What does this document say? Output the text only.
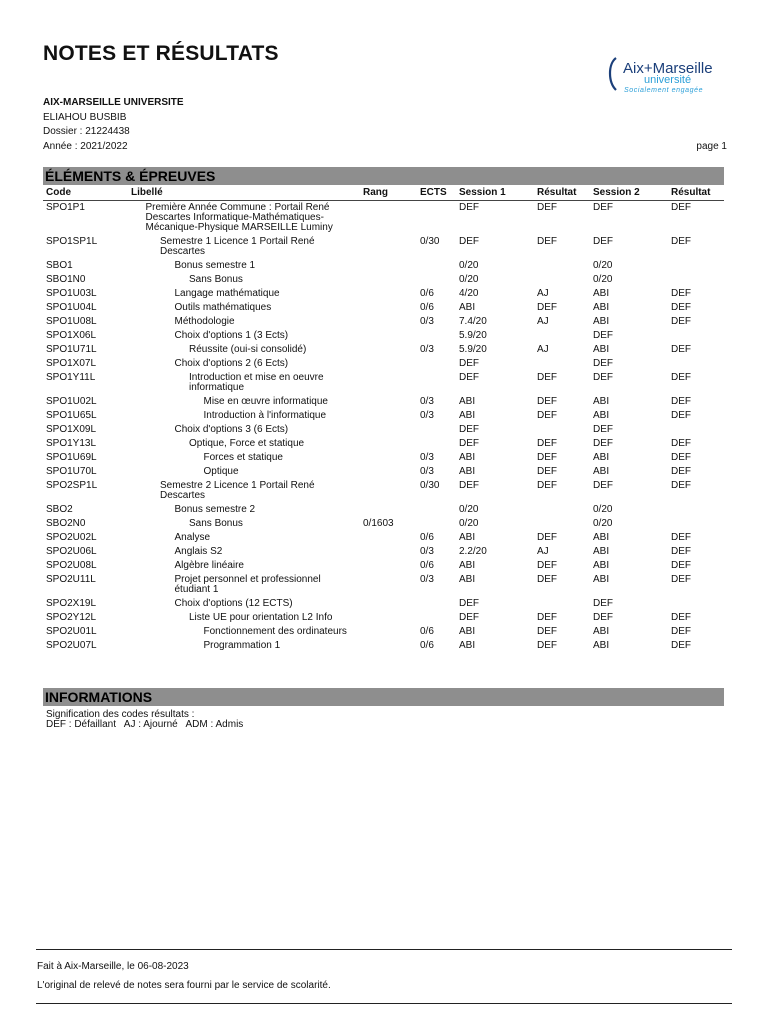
NOTES ET RÉSULTATS
Aix+Marseille
université
Socialement engagée
AIX-MARSEILLE UNIVERSITE
ELIAHOU BUSBIB
Dossier : 21224438
Année : 2021/2022	page 1
ÉLÉMENTS & ÉPREUVES
Code	Libellé	Rang	ECTS	Session 1	Résultat	Session 2	Résultat
SPO1P1	Première Année Commune : Portail René Descartes Informatique-Mathématiques-Mécanique-Physique MARSEILLE Luminy			DEF	DEF	DEF	DEF
SPO1SP1L	Semestre 1 Licence 1 Portail René Descartes		0/30	DEF	DEF	DEF	DEF
SBO1	Bonus semestre 1			0/20		0/20	
SBO1N0	Sans Bonus			0/20		0/20	
SPO1U03L	Langage mathématique		0/6	4/20	AJ	ABI	DEF
SPO1U04L	Outils mathématiques		0/6	ABI	DEF	ABI	DEF
SPO1U08L	Méthodologie		0/3	7.4/20	AJ	ABI	DEF
SPO1X06L	Choix d'options 1 (3 Ects)			5.9/20		DEF	
SPO1U71L	Réussite (oui-si consolidé)		0/3	5.9/20	AJ	ABI	DEF
SPO1X07L	Choix d'options 2 (6 Ects)			DEF		DEF	
SPO1Y11L	Introduction et mise en oeuvre informatique			DEF	DEF	DEF	DEF
SPO1U02L	Mise en œuvre informatique		0/3	ABI	DEF	ABI	DEF
SPO1U65L	Introduction à l'informatique		0/3	ABI	DEF	ABI	DEF
SPO1X09L	Choix d'options 3 (6 Ects)			DEF		DEF	
SPO1Y13L	Optique, Force et statique			DEF	DEF	DEF	DEF
SPO1U69L	Forces et statique		0/3	ABI	DEF	ABI	DEF
SPO1U70L	Optique		0/3	ABI	DEF	ABI	DEF
SPO2SP1L	Semestre 2 Licence 1 Portail René Descartes		0/30	DEF	DEF	DEF	DEF
SBO2	Bonus semestre 2			0/20		0/20	
SBO2N0	Sans Bonus	0/1603		0/20		0/20	
SPO2U02L	Analyse		0/6	ABI	DEF	ABI	DEF
SPO2U06L	Anglais S2		0/3	2.2/20	AJ	ABI	DEF
SPO2U08L	Algèbre linéaire		0/6	ABI	DEF	ABI	DEF
SPO2U11L	Projet personnel et professionnel étudiant 1		0/3	ABI	DEF	ABI	DEF
SPO2X19L	Choix d'options (12 ECTS)			DEF		DEF	
SPO2Y12L	Liste UE pour orientation L2 Info			DEF	DEF	DEF	DEF
SPO2U01L	Fonctionnement des ordinateurs		0/6	ABI	DEF	ABI	DEF
SPO2U07L	Programmation 1		0/6	ABI	DEF	ABI	DEF
INFORMATIONS
Signification des codes résultats :
DEF : Défaillant   AJ : Ajourné   ADM : Admis
Fait à Aix-Marseille, le 06-08-2023
L'original de relevé de notes sera fourni par le service de scolarité.
